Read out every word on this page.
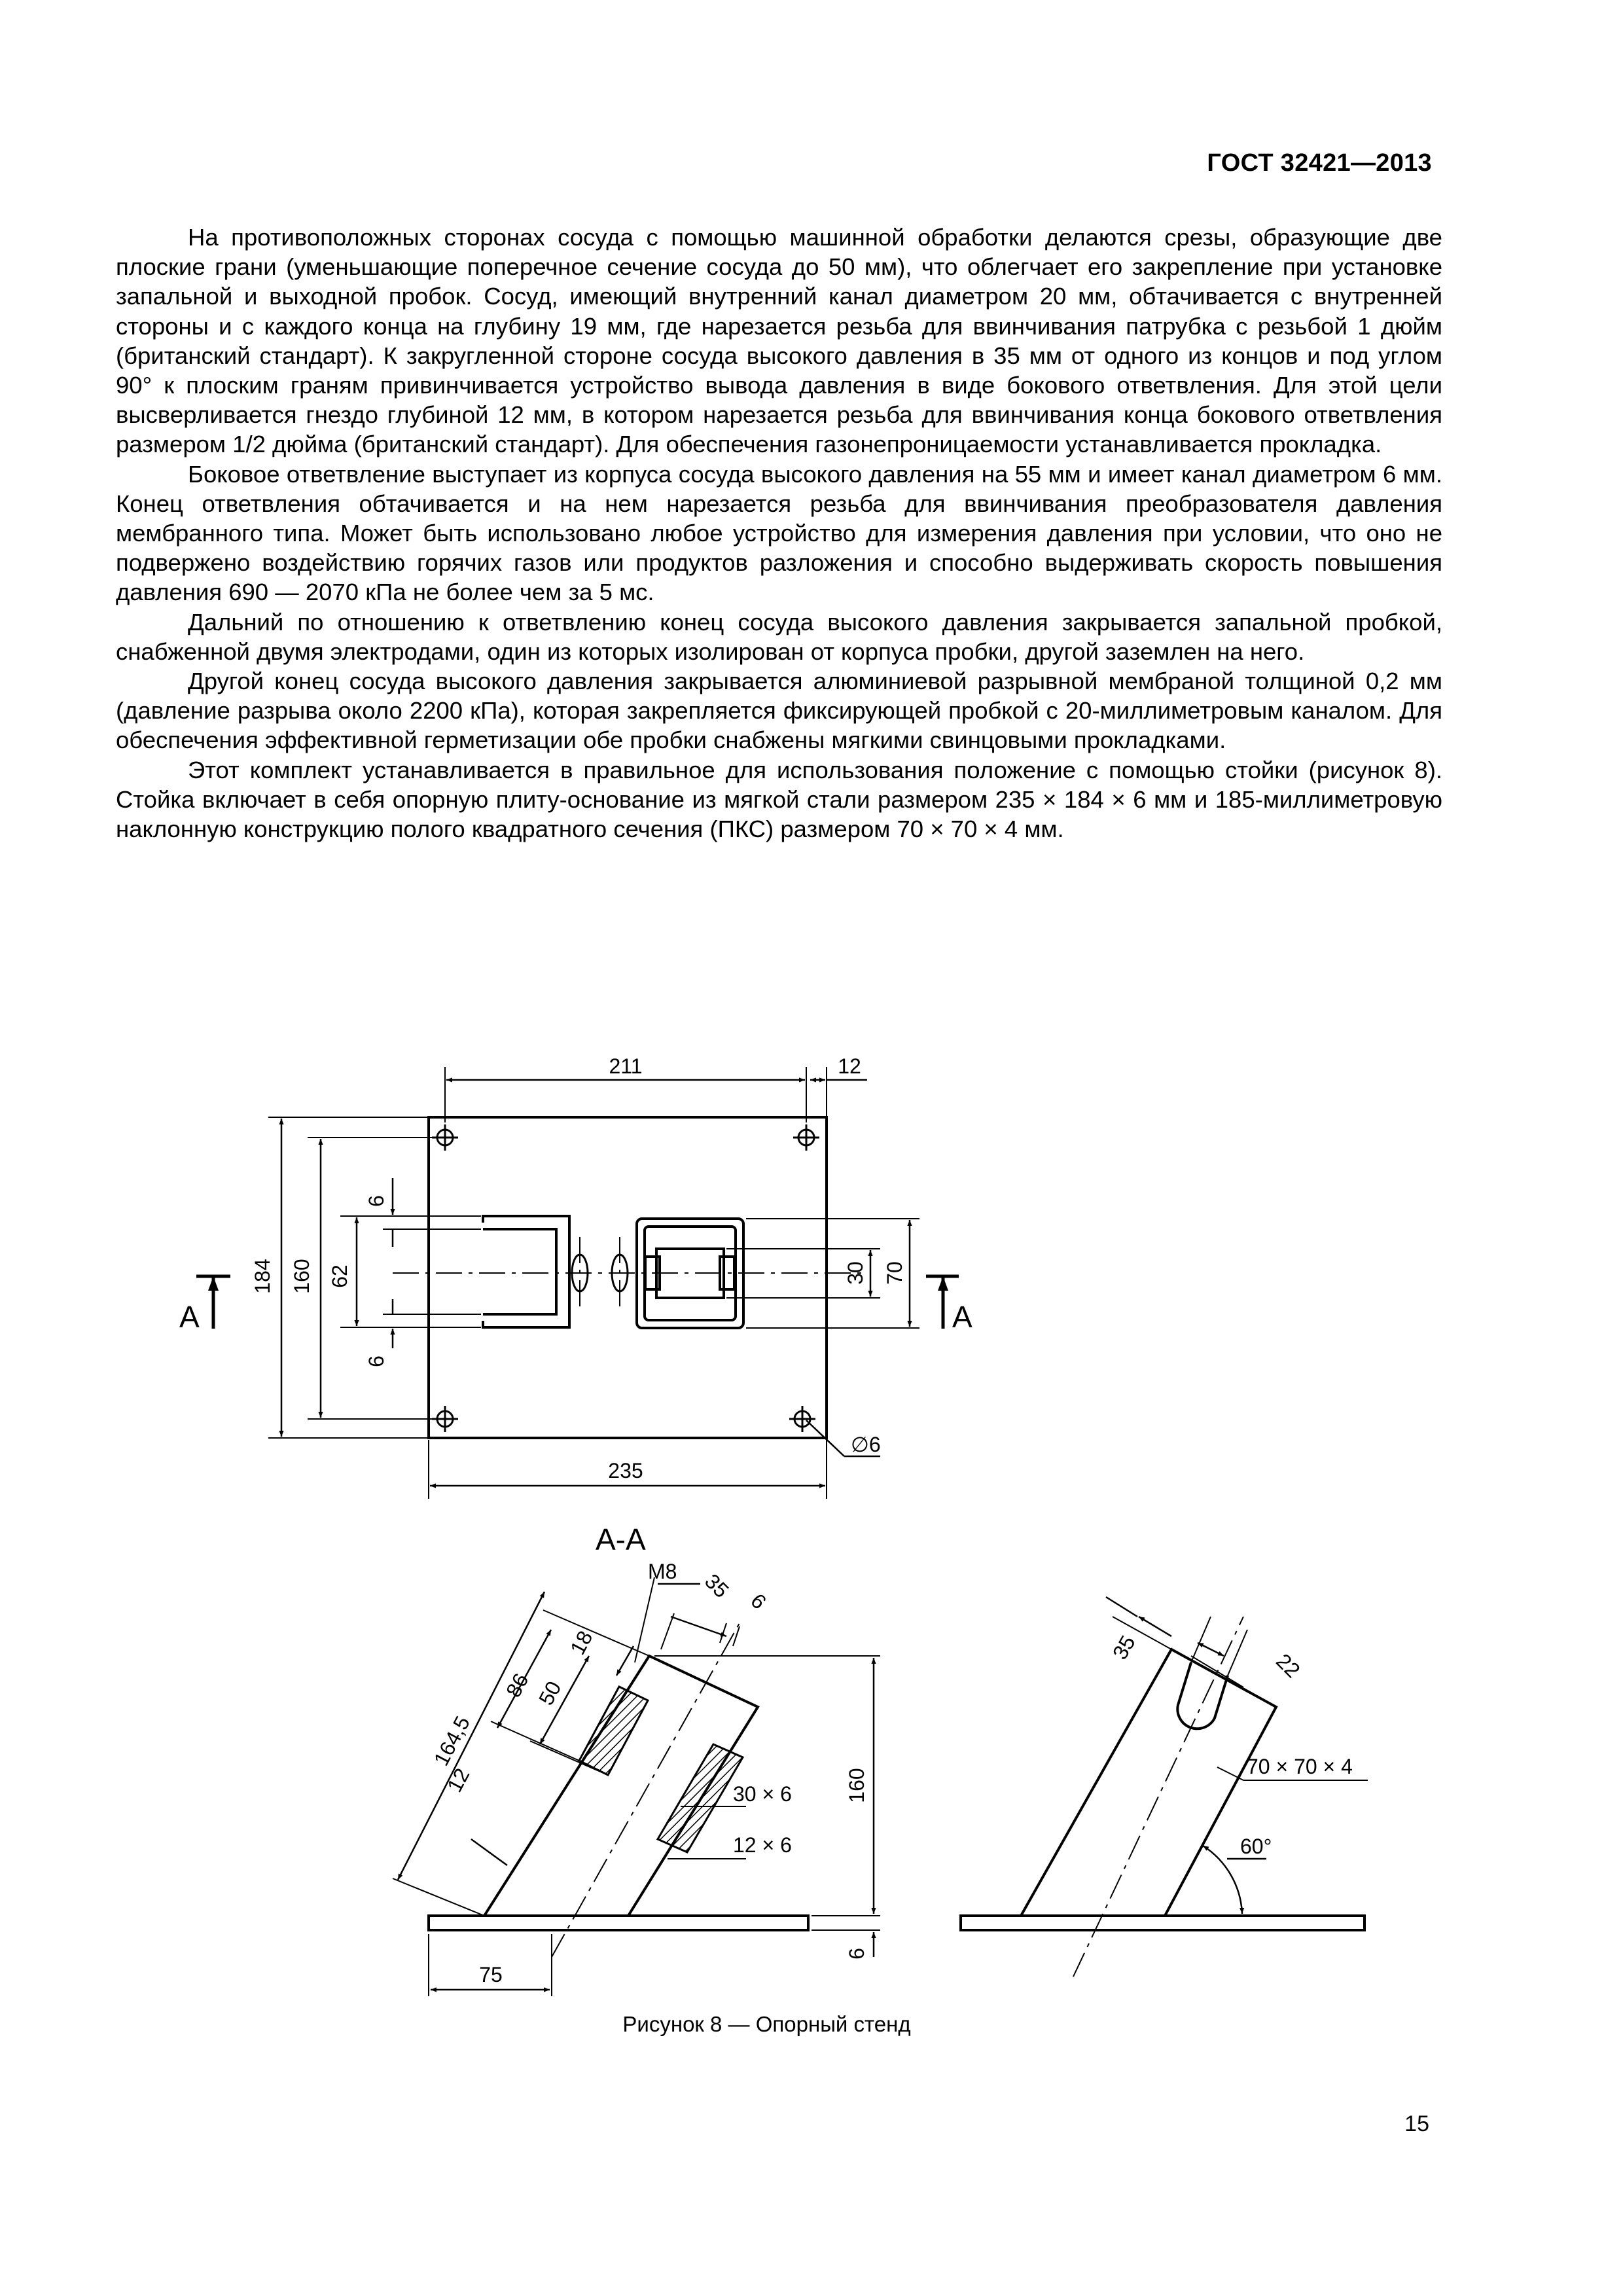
ГОСТ 32421—2013

На противоположных сторонах сосуда с помощью машинной обработки делаются срезы, образующие две плоские грани (уменьшающие поперечное сечение сосуда до 50 мм), что облегчает его закрепление при установке запальной и выходной пробок. Сосуд, имеющий внутренний канал диаметром 20 мм, обтачивается с внутренней стороны и с каждого конца на глубину 19 мм, где нарезается резьба для ввинчивания патрубка с резьбой 1 дюйм (британский стандарт). К закругленной стороне сосуда высокого давления в 35 мм от одного из концов и под углом 90° к плоским граням привинчивается устройство вывода давления в виде бокового ответвления. Для этой цели высверливается гнездо глубиной 12 мм, в котором нарезается резьба для ввинчивания конца бокового ответвления размером 1/2 дюйма (британский стандарт). Для обеспечения газонепроницаемости устанавливается прокладка.

Боковое ответвление выступает из корпуса сосуда высокого давления на 55 мм и имеет канал диаметром 6 мм. Конец ответвления обтачивается и на нем нарезается резьба для ввинчивания преобразователя давления мембранного типа. Может быть использовано любое устройство для измерения давления при условии, что оно не подвержено воздействию горячих газов или продуктов разложения и способно выдерживать скорость повышения давления 690 — 2070 кПа не более чем за 5 мс.

Дальний по отношению к ответвлению конец сосуда высокого давления закрывается запальной пробкой, снабженной двумя электродами, один из которых изолирован от корпуса пробки, другой заземлен на него.

Другой конец сосуда высокого давления закрывается алюминиевой разрывной мембраной толщиной 0,2 мм (давление разрыва около 2200 кПа), которая закрепляется фиксирующей пробкой с 20-миллиметровым каналом. Для обеспечения эффективной герметизации обе пробки снабжены мягкими свинцовыми прокладками.

Этот комплект устанавливается в правильное для использования положение с помощью стойки (рисунок 8). Стойка включает в себя опорную плиту-основание из мягкой стали размером 235 × 184 × 6 мм и 185-миллиметровую наклонную конструкцию полого квадратного сечения (ПКС) размером 70 × 70 × 4 мм.

211	12
235
184 160 62
6
6
30 70
∅6
А	А
А-А
М8 35 6
164,5
86 50
18
12	30 × 6
12 × 6
160
6
75
35
22
70 × 70 × 4
60°
Рисунок 8 — Опорный стенд
15
